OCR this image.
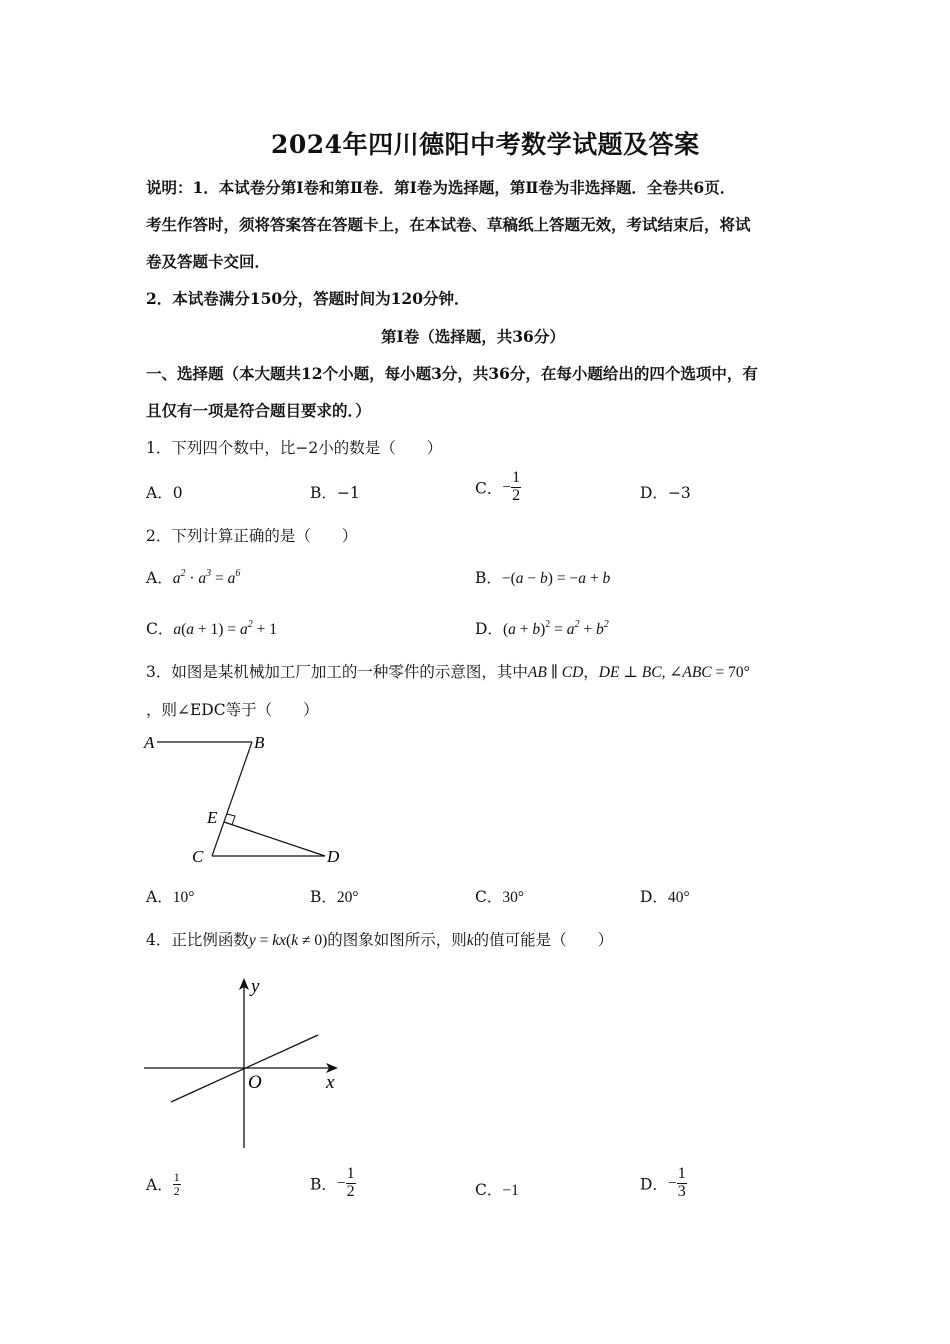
2024年四川德阳中考数学试题及答案
说明：1．本试卷分第Ⅰ卷和第Ⅱ卷．第Ⅰ卷为选择题，第Ⅱ卷为非选择题．全卷共6页．
考生作答时，须将答案答在答题卡上，在本试卷、草稿纸上答题无效，考试结束后，将试
卷及答题卡交回．
2．本试卷满分150分，答题时间为120分钟．
第Ⅰ卷（选择题，共36分）
一、选择题（本大题共12个小题，每小题3分，共36分，在每小题给出的四个选项中，有
且仅有一项是符合题目要求的．）
1．下列四个数中，比−2小的数是（　　）
A．0	B．−1	C．− $\frac{1}{2}$	D．−3
2．下列计算正确的是（　　）
A．$a^2 \cdot a^3 = a^6$	B．−(a − b) = −a + b
C．$a(a + 1) = a^2 + 1$	D．$(a + b)^2 = a^2 + b^2$
3．如图是某机械加工厂加工的一种零件的示意图，其中AB ∥ CD，DE ⊥ BC, ∠ABC = 70°
，则∠EDC等于（　　）
A	B
E
C	D
A．10°	B．20°	C．30°	D．40°
4．正比例函数y = kx(k ≠ 0)的图象如图所示，则k的值可能是（　　）
y
x
O
A． $\frac{1}{2}$	B．− $\frac{1}{2}$	C．−1	D．− $\frac{1}{3}$
